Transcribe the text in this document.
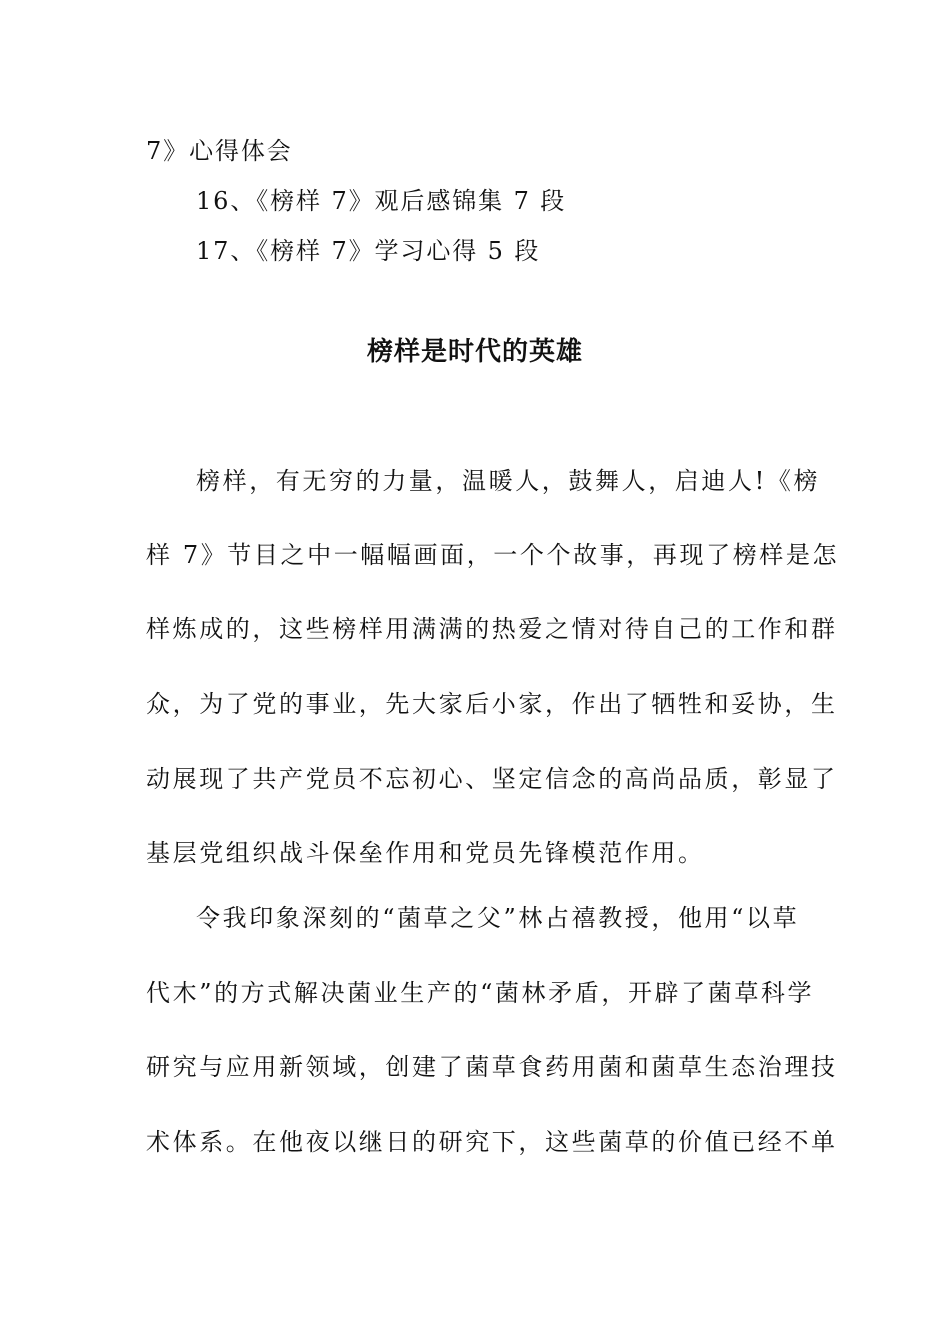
7》心得体会
16、《榜样 7》观后感锦集 7 段
17、《榜样 7》学习心得 5 段
榜样是时代的英雄
榜样，有无穷的力量，温暖人，鼓舞人，启迪人!《榜
样 7》节目之中一幅幅画面，一个个故事，再现了榜样是怎
样炼成的，这些榜样用满满的热爱之情对待自己的工作和群
众，为了党的事业，先大家后小家，作出了牺牲和妥协，生
动展现了共产党员不忘初心、坚定信念的高尚品质，彰显了
基层党组织战斗保垒作用和党员先锋模范作用。
令我印象深刻的“菌草之父”林占禧教授，他用“以草
代木”的方式解决菌业生产的“菌林矛盾，开辟了菌草科学
研究与应用新领域，创建了菌草食药用菌和菌草生态治理技
术体系。在他夜以继日的研究下，这些菌草的价值已经不单
